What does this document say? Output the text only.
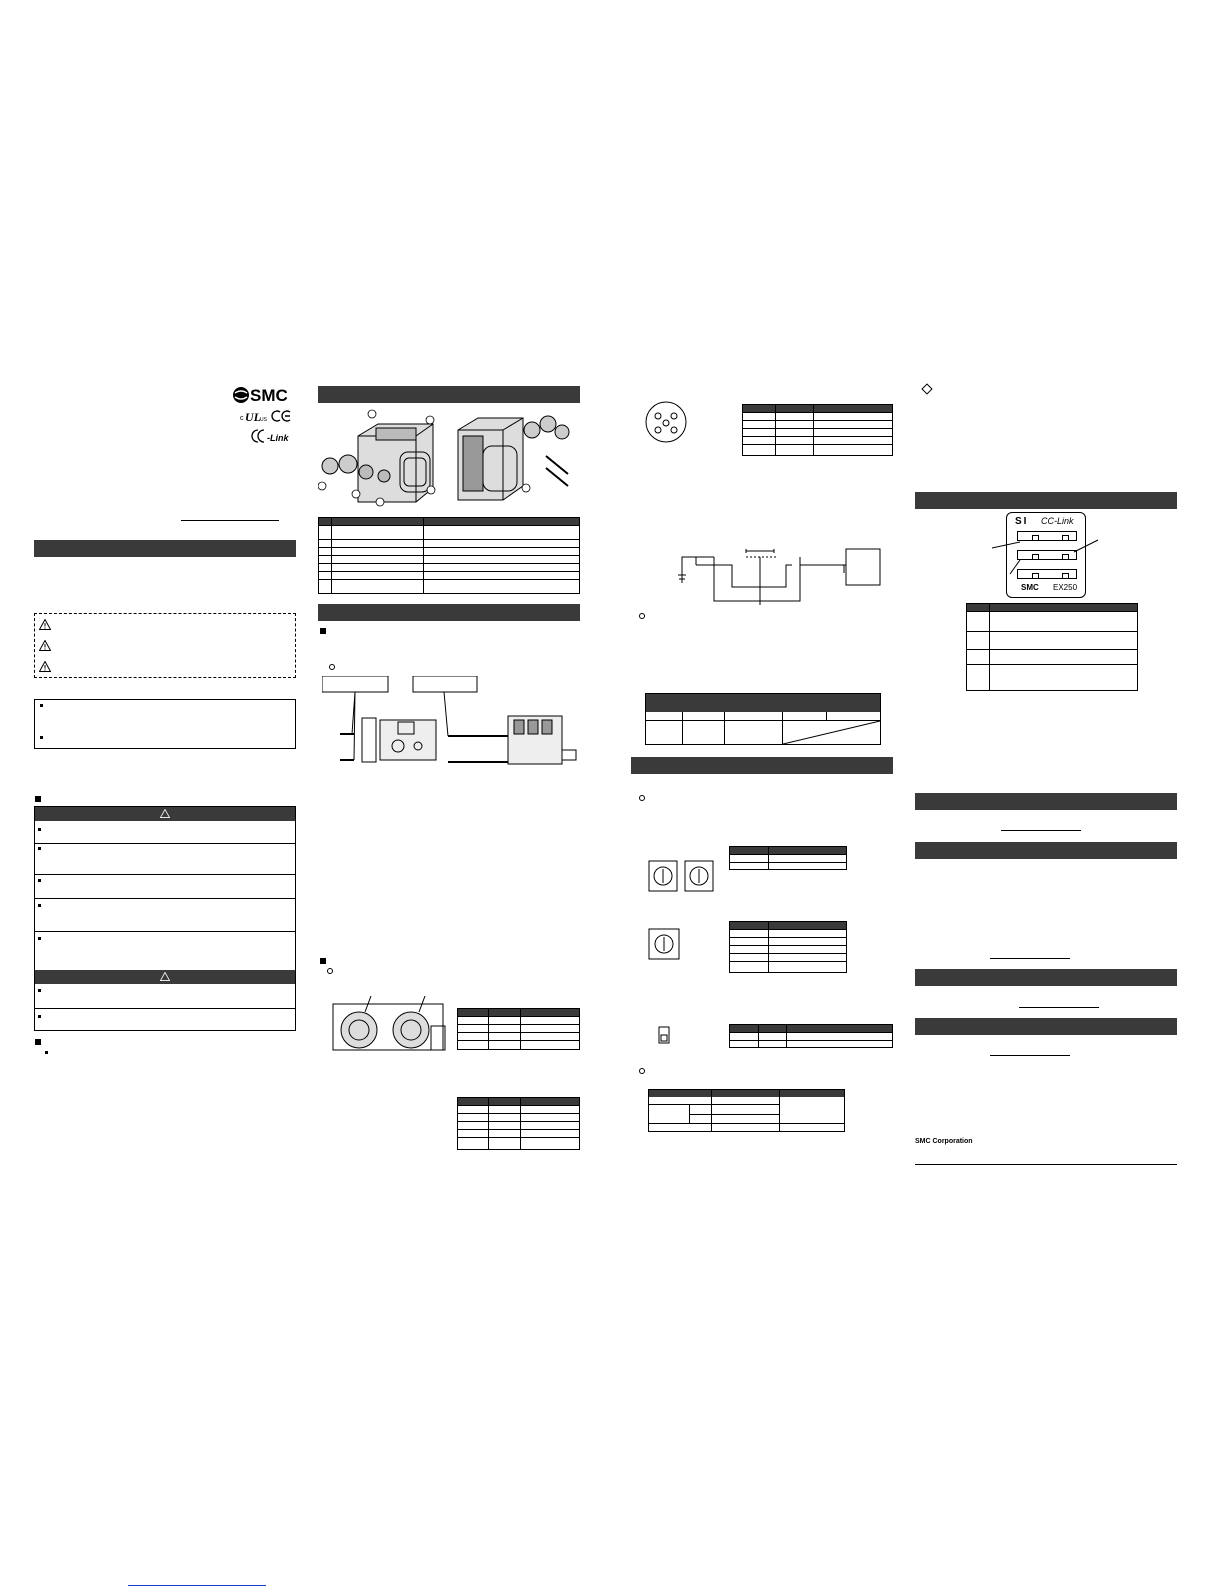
SMC
c UL US
-Link
SI CC-Link
SMC EX250
SMC Corporation
